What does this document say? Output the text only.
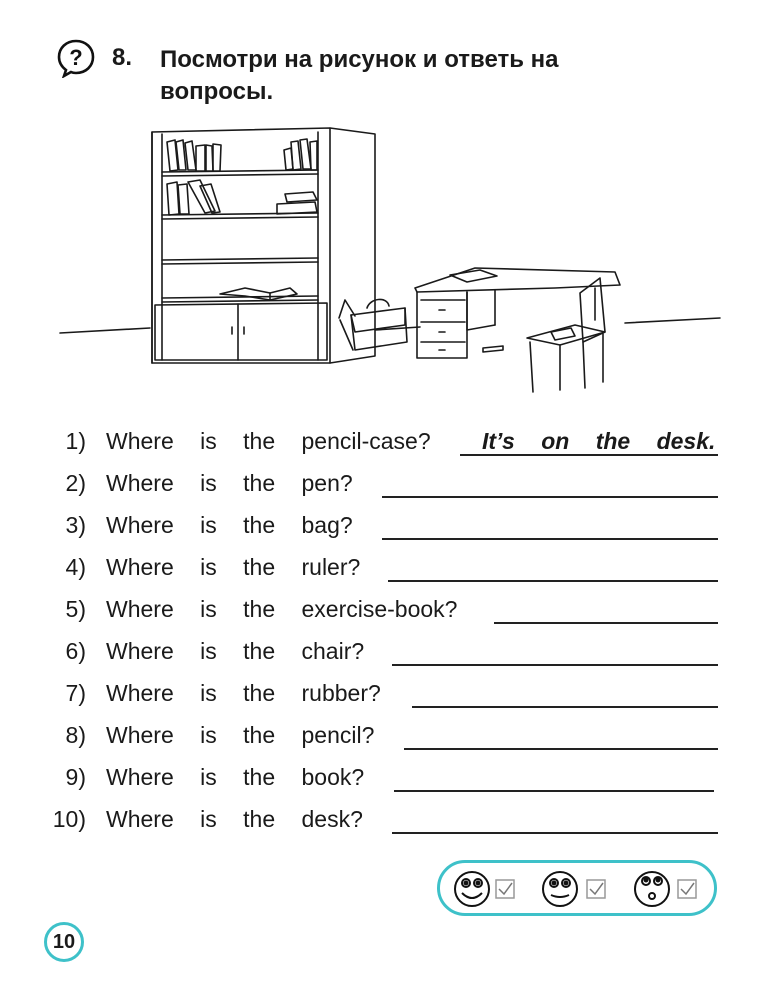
? 8. Посмотри на рисунок и ответь на
вопросы.
1) Where is the pencil-case? It’s on the desk.
2) Where is the pen?
3) Where is the bag?
4) Where is the ruler?
5) Where is the exercise-book?
6) Where is the chair?
7) Where is the rubber?
8) Where is the pencil?
9) Where is the book?
10) Where is the desk?
10
